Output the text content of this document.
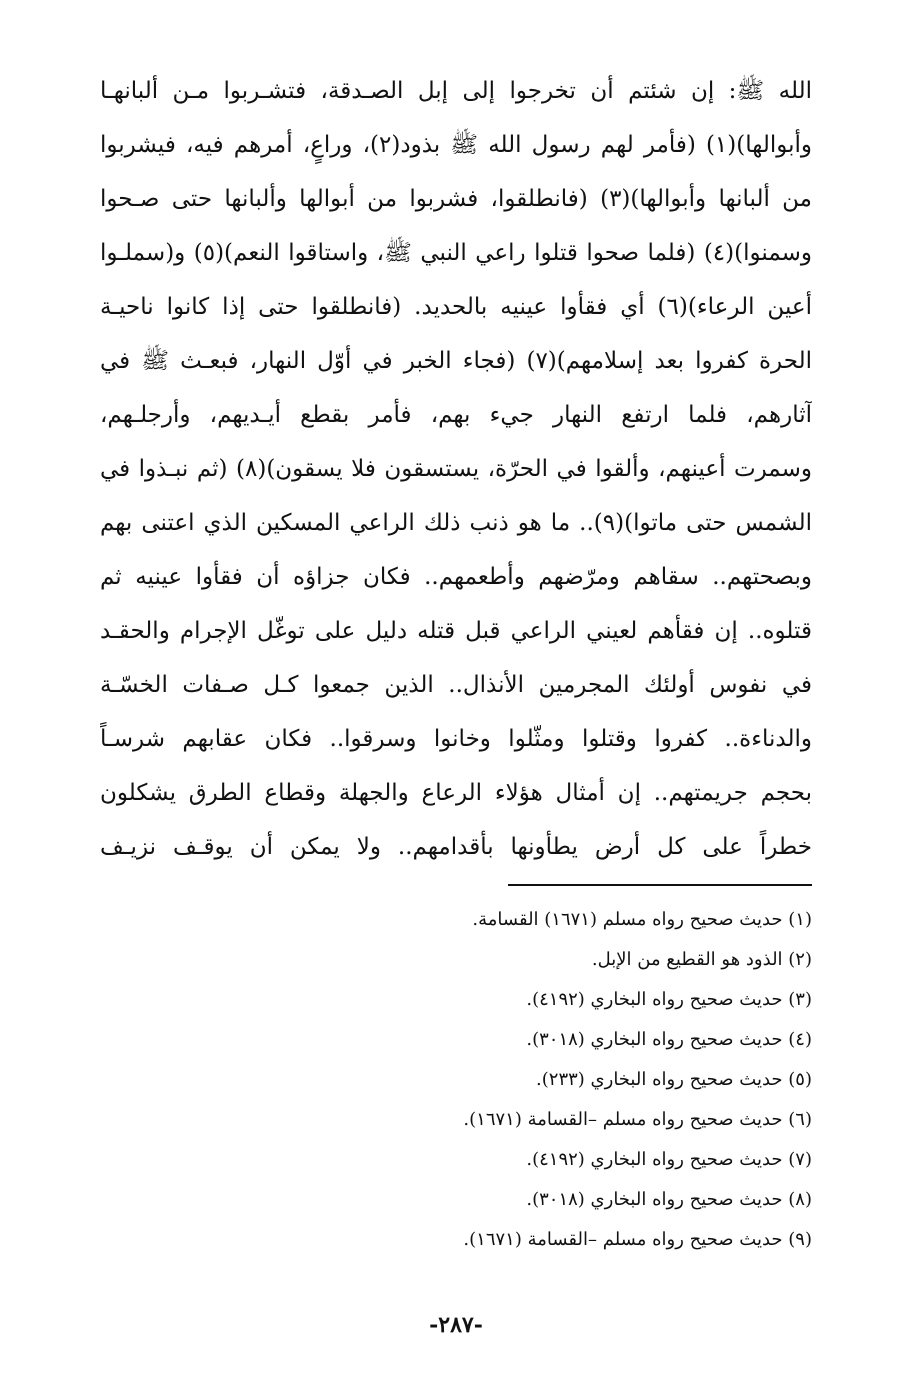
الله ﷺ: إن شئتم أن تخرجوا إلى إبل الصـدقة، فتشـربوا مـن ألبانهـا
وأبوالها)(١) (فأمر لهم رسول الله ﷺ بذود(٢)، وراعٍ، أمرهم فيه، فيشربوا
من ألبانها وأبوالها)(٣) (فانطلقوا، فشربوا من أبوالها وألبانها حتى صـحوا
وسمنوا)(٤) (فلما صحوا قتلوا راعي النبي ﷺ، واستاقوا النعم)(٥) و(سملـوا
أعين الرعاء)(٦) أي فقأوا عينيه بالحديد. (فانطلقوا حتى إذا كانوا ناحيـة
الحرة كفروا بعد إسلامهم)(٧) (فجاء الخبر في أوّل النهار، فبعـث ﷺ في
آثارهم، فلما ارتفع النهار جيء بهم، فأمر بقطع أيـديهم، وأرجلـهم،
وسمرت أعينهم، وألقوا في الحرّة، يستسقون فلا يسقون)(٨) (ثم نبـذوا في
الشمس حتى ماتوا)(٩).. ما هو ذنب ذلك الراعي المسكين الذي اعتنى بهم
وبصحتهم.. سقاهم ومرّضهم وأطعمهم.. فكان جزاؤه أن فقأوا عينيه ثم
قتلوه.. إن فقأهم لعيني الراعي قبل قتله دليل على توغّل الإجرام والحقـد
في نفوس أولئك المجرمين الأنذال.. الذين جمعوا كـل صـفات الخسّـة
والدناءة.. كفروا وقتلوا ومثّلوا وخانوا وسرقوا.. فكان عقابهم شرسـاً
بحجم جريمتهم.. إن أمثال هؤلاء الرعاع والجهلة وقطاع الطرق يشكلون
خطراً على كل أرض يطأونها بأقدامهم.. ولا يمكن أن يوقـف نزيـف
(١) حديث صحيح رواه مسلم (١٦٧١) القسامة.
(٢) الذود هو القطيع من الإبل.
(٣) حديث صحيح رواه البخاري (٤١٩٢).
(٤) حديث صحيح رواه البخاري (٣٠١٨).
(٥) حديث صحيح رواه البخاري (٢٣٣).
(٦) حديث صحيح رواه مسلم –القسامة (١٦٧١).
(٧) حديث صحيح رواه البخاري (٤١٩٢).
(٨) حديث صحيح رواه البخاري (٣٠١٨).
(٩) حديث صحيح رواه مسلم –القسامة (١٦٧١).
-٢٨٧-
